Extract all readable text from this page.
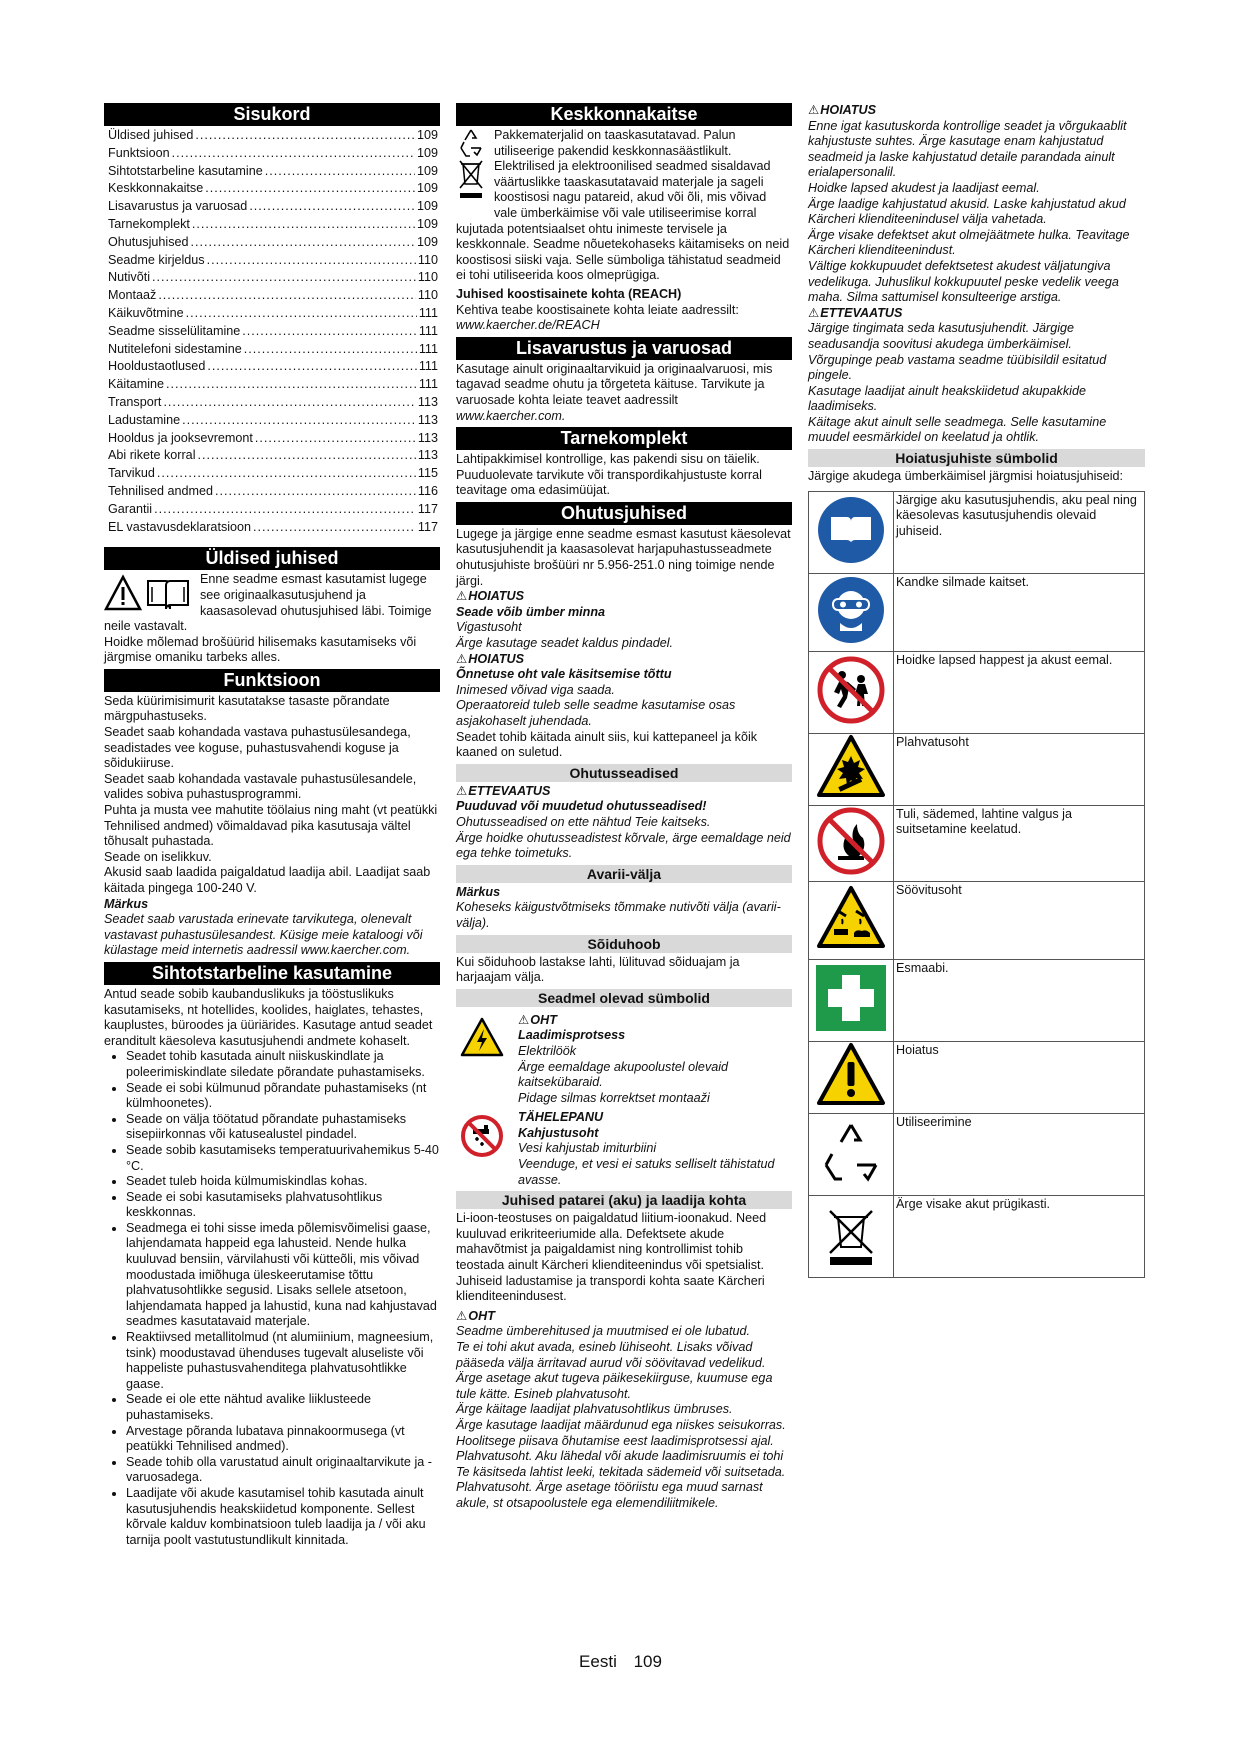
Sisukord
Üldised juhised .....	109
Funktsioon .....	109
Sihtotstarbeline kasutamine .....	109
Keskkonnakaitse .....	109
Lisavarustus ja varuosad .....	109
Tarnekomplekt .....	109
Ohutusjuhised .....	109
Seadme kirjeldus .....	110
Nutivõti .....	110
Montaaž .....	110
Käikuvõtmine .....	111
Seadme sisselülitamine .....	111
Nutitelefoni sidestamine .....	111
Hooldustaotlused .....	111
Käitamine .....	111
Transport .....	113
Ladustamine .....	113
Hooldus ja jooksevremont .....	113
Abi rikete korral .....	113
Tarvikud .....	115
Tehnilised andmed .....	116
Garantii .....	117
EL vastavusdeklaratsioon .....	117
Üldised juhised

Enne seadme esmast kasutamist lugege see originaalkasutusjuhend ja kaasasolevad ohutusjuhised läbi. Toimige neile vastavalt.

Hoidke mõlemad brošüürid hilisemaks kasutamiseks või järgmise omaniku tarbeks alles.

Funktsioon

Seda küürimisimurit kasutatakse tasaste põrandate märgpuhastuseks.

Seadet saab kohandada vastava puhastusülesandega, seadistades vee koguse, puhastusvahendi koguse ja sõidukiiruse.

Seadet saab kohandada vastavale puhastusülesandele, valides sobiva puhastusprogrammi.

Puhta ja musta vee mahutite töölaius ning maht (vt peatükki Tehnilised andmed) võimaldavad pika kasutusaja vältel tõhusalt puhastada.

Seade on iselikkuv.

Akusid saab laadida paigaldatud laadija abil. Laadijat saab käitada pingega 100-240 V.

Märkus

Seadet saab varustada erinevate tarvikutega, olenevalt vastavast puhastusülesandest. Küsige meie kataloogi või külastage meid internetis aadressil www.kaercher.com.

Sihtotstarbeline kasutamine

Antud seade sobib kaubanduslikuks ja tööstuslikuks kasutamiseks, nt hotellides, koolides, haiglates, tehastes, kauplustes, büroodes ja üüriärides. Kasutage antud seadet eranditult käesoleva kasutusjuhendi andmete kohaselt.

• Seadet tohib kasutada ainult niiskuskindlate ja poleerimiskindlate siledate põrandate puhastamiseks.
• Seade ei sobi külmunud põrandate puhastamiseks (nt külmhoonetes).
• Seade on välja töötatud põrandate puhastamiseks sisepiirkonnas või katusealustel pindadel.
• Seade sobib kasutamiseks temperatuurivahemikus 5-40 °C.
• Seadet tuleb hoida külmumiskindlas kohas.
• Seade ei sobi kasutamiseks plahvatusohtlikus keskkonnas.
• Seadmega ei tohi sisse imeda põlemisvõimelisi gaase, lahjendamata happeid ega lahusteid. Nende hulka kuuluvad bensiin, värvilahusti või kütteõli, mis võivad moodustada imiõhuga üleskeerutamise tõttu plahvatusohtlikke segusid. Lisaks sellele atsetoon, lahjendamata happed ja lahustid, kuna nad kahjustavad seadmes kasutatavaid materjale.
• Reaktiivsed metallitolmud (nt alumiinium, magneesium, tsink) moodustavad ühenduses tugevalt aluseliste või happeliste puhastusvahenditega plahvatusohtlikke gaase.
• Seade ei ole ette nähtud avalike liiklusteede puhastamiseks.
• Arvestage põranda lubatava pinnakoormusega (vt peatükki Tehnilised andmed).
• Seade tohib olla varustatud ainult originaaltarvikute ja -varuosadega.
• Laadijate või akude kasutamisel tohib kasutada ainult kasutusjuhendis heakskiidetud komponente. Sellest kõrvale kalduv kombinatsioon tuleb laadija ja / või aku tarnija poolt vastutustundlikult kinnitada.
Keskkonnakaitse

Pakkematerjalid on taaskasutatavad. Palun utiliseerige pakendid keskkonnasäästlikult.

Elektrilised ja elektroonilised seadmed sisaldavad väärtuslikke taaskasutatavaid materjale ja sageli koostisosi nagu patareid, akud või õli, mis võivad vale ümberkäimise või vale utiliseerimise korral kujutada potentsiaalset ohtu inimeste tervisele ja keskkonnale. Seadme nõuetekohaseks käitamiseks on neid koostisosi siiski vaja. Selle sümboliga tähistatud seadmeid ei tohi utiliseerida koos olmeprügiga.

Juhised koostisainete kohta (REACH)

Kehtiva teabe koostisainete kohta leiate aadressilt:

www.kaercher.de/REACH

Lisavarustus ja varuosad

Kasutage ainult originaaltarvikuid ja originaalvaruosi, mis tagavad seadme ohutu ja tõrgeteta käituse. Tarvikute ja varuosade kohta leiate teavet aadressilt

www.kaercher.com.

Tarnekomplekt

Lahtipakkimisel kontrollige, kas pakendi sisu on täielik. Puuduolevate tarvikute või transpordikahjustuste korral teavitage oma edasimüüjat.

Ohutusjuhised

Lugege ja järgige enne seadme esmast kasutust käesolevat kasutusjuhendit ja kaasasolevat harjapuhastusseadmete ohutusjuhiste brošüüri nr 5.956-251.0 ning toimige nende järgi.

⚠ HOIATUS

Seade võib ümber minna

Vigastusoht

Ärge kasutage seadet kaldus pindadel.

⚠ HOIATUS

Õnnetuse oht vale käsitsemise tõttu

Inimesed võivad viga saada.

Operaatoreid tuleb selle seadme kasutamise osas asjakohaselt juhendada.

Seadet tohib käitada ainult siis, kui kattepaneel ja kõik kaaned on suletud.

Ohutusseadised

⚠ ETTEVAATUS

Puuduvad või muudetud ohutusseadised!

Ohutusseadised on ette nähtud Teie kaitseks.

Ärge hoidke ohutusseadistest kõrvale, ärge eemaldage neid ega tehke toimetuks.

Avarii-välja

Märkus

Koheseks käigustvõtmiseks tõmmake nutivõti välja (avarii-välja).

Sõiduhoob

Kui sõiduhoob lastakse lahti, lülituvad sõiduajam ja harjaajam välja.

Seadmel olevad sümbolid

⚠ OHT

Laadimisprotsess

Elektrilöök

Ärge eemaldage akupoolustel olevaid kaitsekübaraid.

Pidage silmas korrektset montaaži

TÄHELEPANU

Kahjustusoht

Vesi kahjustab imiturbiini

Veenduge, et vesi ei satuks selliselt tähistatud avasse.

Juhised patarei (aku) ja laadija kohta

Li-ioon-teostuses on paigaldatud liitium-ioonakud. Need kuuluvad erikriteeriumide alla. Defektsete akude mahavõtmist ja paigaldamist ning kontrollimist tohib teostada ainult Kärcheri klienditeenindus või spetsialist.

Juhiseid ladustamise ja transpordi kohta saate Kärcheri klienditeenindusest.

⚠ OHT

Seadme ümberehitused ja muutmised ei ole lubatud.

Te ei tohi akut avada, esineb lühiseoht. Lisaks võivad pääseda välja ärritavad aurud või söövitavad vedelikud.

Ärge asetage akut tugeva päikesekiirguse, kuumuse ega tule kätte. Esineb plahvatusoht.

Ärge käitage laadijat plahvatusohtlikus ümbruses.

Ärge kasutage laadijat määrdunud ega niiskes seisukorras.

Hoolitsege piisava õhutamise eest laadimisprotsessi ajal.

Plahvatusoht. Aku lähedal või akude laadimisruumis ei tohi Te käsitseda lahtist leeki, tekitada sädemeid või suitsetada.

Plahvatusoht. Ärge asetage tööriistu ega muud sarnast akule, st otsapoolustele ega elemendiliitmikele.

⚠ HOIATUS

Enne igat kasutuskorda kontrollige seadet ja võrgukaablit kahjustuste suhtes. Ärge kasutage enam kahjustatud seadmeid ja laske kahjustatud detaile parandada ainult erialapersonalil.

Hoidke lapsed akudest ja laadijast eemal.

Ärge laadige kahjustatud akusid. Laske kahjustatud akud Kärcheri klienditeenindusel välja vahetada.

Ärge visake defektset akut olmejäätmete hulka. Teavitage Kärcheri klienditeenindust.

Vältige kokkupuudet defektsetest akudest väljatungiva vedelikuga. Juhuslikul kokkupuutel peske vedelik veega maha. Silma sattumisel konsulteerige arstiga.

⚠ ETTEVAATUS

Järgige tingimata seda kasutusjuhendit. Järgige seadusandja soovitusi akudega ümberkäimisel.

Võrgupinge peab vastama seadme tüübisildil esitatud pingele.

Kasutage laadijat ainult heakskiidetud akupakkide laadimiseks.

Käitage akut ainult selle seadmega. Selle kasutamine muudel eesmärkidel on keelatud ja ohtlik.

Hoiatusjuhiste sümbolid

Järgige akudega ümberkäimisel järgmisi hoiatusjuhiseid:

	Järgige aku kasutusjuhendis, aku peal ning käesolevas kasutusjuhendis olevaid juhiseid.
	Kandke silmade kaitset.
	Hoidke lapsed happest ja akust eemal.
	Plahvatusoht
	Tuli, sädemed, lahtine valgus ja suitsetamine keelatud.
	Söövitusoht
	Esmaabi.
	Hoiatus
	Utiliseerimine
	Ärge visake akut prügikasti.
Eesti 109
